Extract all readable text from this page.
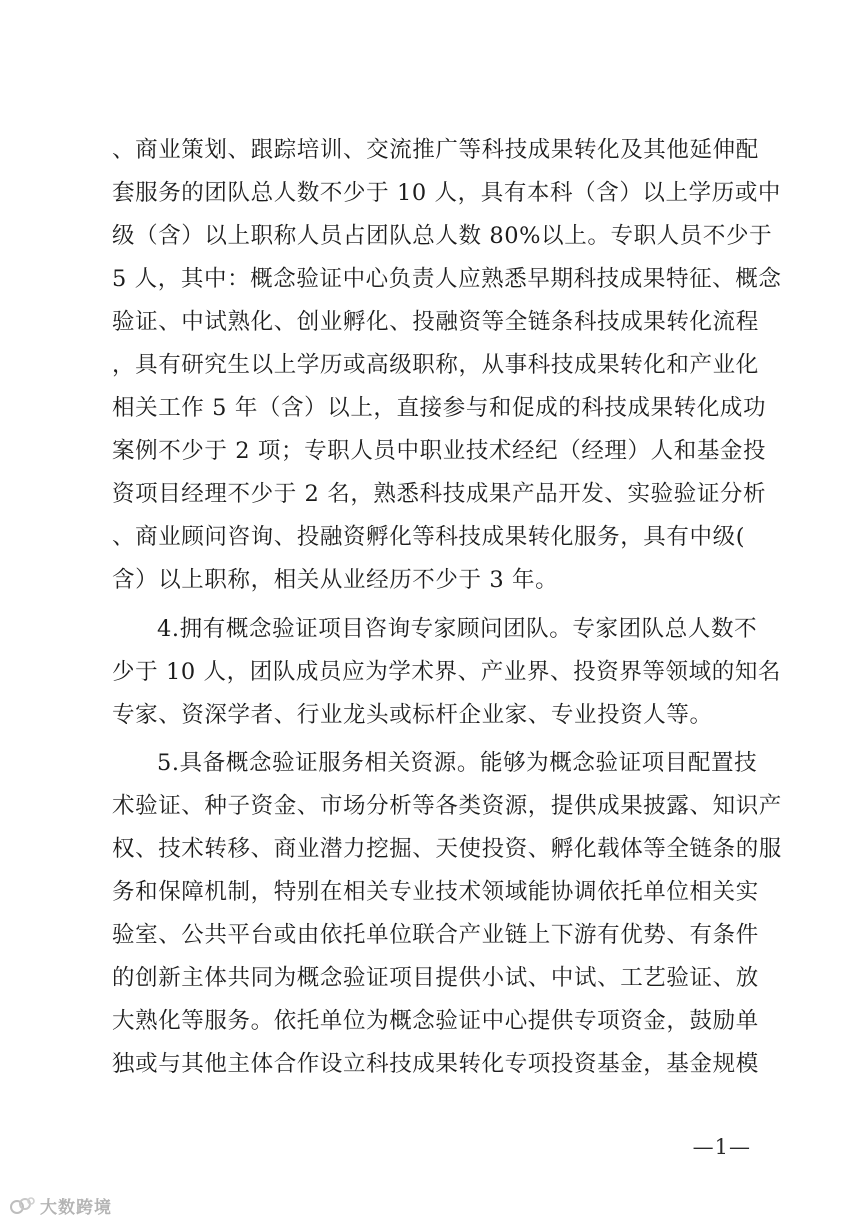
、商业策划、跟踪培训、交流推广等科技成果转化及其他延伸配
套服务的团队总人数不少于 10 人，具有本科（含）以上学历或中
级（含）以上职称人员占团队总人数 80%以上。专职人员不少于
5 人，其中：概念验证中心负责人应熟悉早期科技成果特征、概念
验证、中试熟化、创业孵化、投融资等全链条科技成果转化流程
，具有研究生以上学历或高级职称，从事科技成果转化和产业化
相关工作 5 年（含）以上，直接参与和促成的科技成果转化成功
案例不少于 2 项；专职人员中职业技术经纪（经理）人和基金投
资项目经理不少于 2 名，熟悉科技成果产品开发、实验验证分析
、商业顾问咨询、投融资孵化等科技成果转化服务，具有中级(
含）以上职称，相关从业经历不少于 3 年。
4.拥有概念验证项目咨询专家顾问团队。专家团队总人数不
少于 10 人，团队成员应为学术界、产业界、投资界等领域的知名
专家、资深学者、行业龙头或标杆企业家、专业投资人等。
5.具备概念验证服务相关资源。能够为概念验证项目配置技
术验证、种子资金、市场分析等各类资源，提供成果披露、知识产
权、技术转移、商业潜力挖掘、天使投资、孵化载体等全链条的服
务和保障机制，特别在相关专业技术领域能协调依托单位相关实
验室、公共平台或由依托单位联合产业链上下游有优势、有条件
的创新主体共同为概念验证项目提供小试、中试、工艺验证、放
大熟化等服务。依托单位为概念验证中心提供专项资金，鼓励单
独或与其他主体合作设立科技成果转化专项投资基金，基金规模
—1—
大数跨境
